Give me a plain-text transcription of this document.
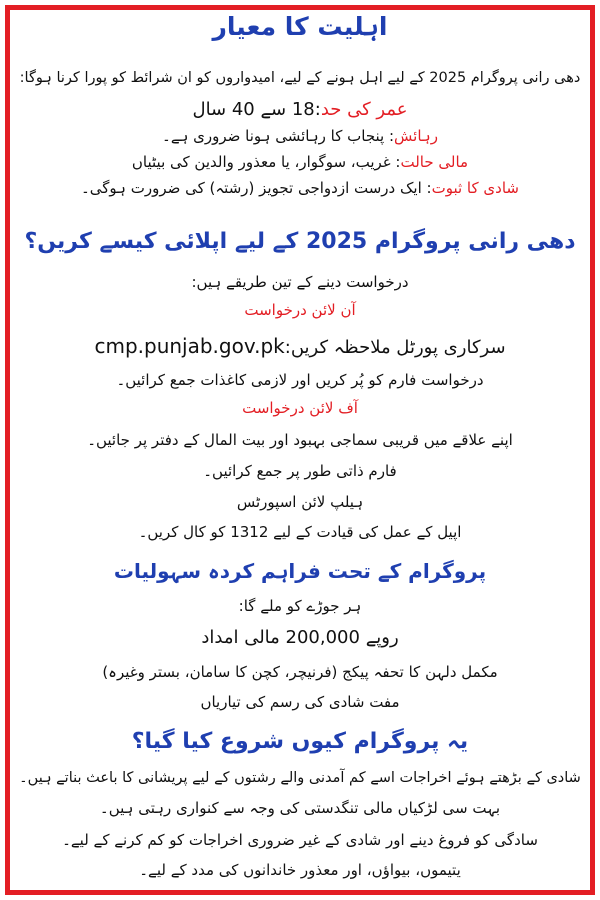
اہلیت کا معیار
دھی رانی پروگرام 2025 کے لیے اہل ہونے کے لیے، امیدواروں کو ان شرائط کو پورا کرنا ہوگا:
عمر کی حد:18 سے 40 سال
رہائش: پنجاب کا رہائشی ہونا ضروری ہے۔
مالی حالت: غریب، سوگوار، یا معذور والدین کی بیٹیاں
شادی کا ثبوت: ایک درست ازدواجی تجویز (رشتہ) کی ضرورت ہوگی۔
دھی رانی پروگرام 2025 کے لیے اپلائی کیسے کریں؟
درخواست دینے کے تین طریقے ہیں:
آن لائن درخواست
سرکاری پورٹل ملاحظہ کریں:cmp.punjab.gov.pk
درخواست فارم کو پُر کریں اور لازمی کاغذات جمع کرائیں۔
آف لائن درخواست
اپنے علاقے میں قریبی سماجی بہبود اور بیت المال کے دفتر پر جائیں۔
فارم ذاتی طور پر جمع کرائیں۔
ہیلپ لائن اسپورٹس
اپیل کے عمل کی قیادت کے لیے 1312 کو کال کریں۔
پروگرام کے تحت فراہم کردہ سہولیات
ہر جوڑے کو ملے گا:
روپے 200,000 مالی امداد
مکمل دلہن کا تحفہ پیکج (فرنیچر، کچن کا سامان، بستر وغیرہ)
مفت شادی کی رسم کی تیاریاں
یہ پروگرام کیوں شروع کیا گیا؟
شادی کے بڑھتے ہوئے اخراجات اسے کم آمدنی والے رشتوں کے لیے پریشانی کا باعث بناتے ہیں۔
بہت سی لڑکیاں مالی تنگدستی کی وجہ سے کنواری رہتی ہیں۔
سادگی کو فروغ دینے اور شادی کے غیر ضروری اخراجات کو کم کرنے کے لیے۔
یتیموں، بیواؤں، اور معذور خاندانوں کی مدد کے لیے۔
